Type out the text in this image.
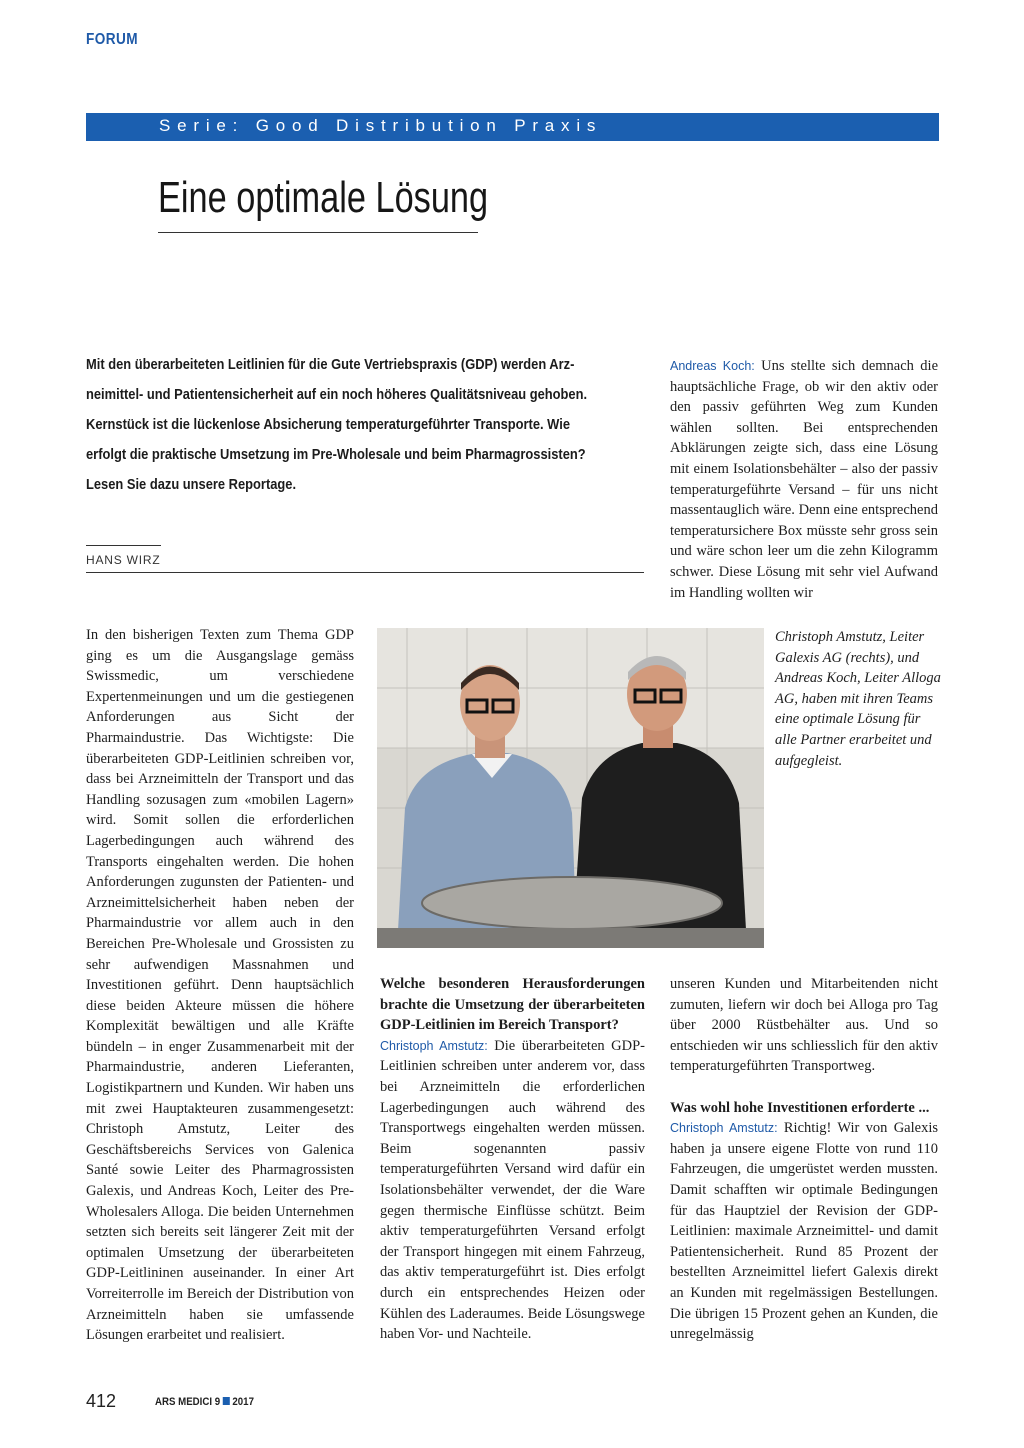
FORUM
Serie: Good Distribution Praxis
Eine optimale Lösung
Mit den überarbeiteten Leitlinien für die Gute Vertriebspraxis (GDP) werden Arz-
neimittel- und Patientensicherheit auf ein noch höheres Qualitätsniveau gehoben.
Kernstück ist die lückenlose Absicherung temperaturgeführter Transporte. Wie
erfolgt die praktische Umsetzung im Pre-Wholesale und beim Pharmagrossisten?
Lesen Sie dazu unsere Reportage.
HANS WIRZ
Andreas Koch: Uns stellte sich demnach die hauptsächliche Frage, ob wir den aktiv oder den passiv geführten Weg zum Kunden wählen sollten. Bei entsprechenden Abklärungen zeigte sich, dass eine Lösung mit einem Isolationsbehälter – also der passiv temperaturgeführte Versand – für uns nicht massentauglich wäre. Denn eine entsprechend temperatursichere Box müsste sehr gross sein und wäre schon leer um die zehn Kilogramm schwer. Diese Lösung mit sehr viel Aufwand im Handling wollten wir
In den bisherigen Texten zum Thema GDP ging es um die Ausgangslage gemäss Swissmedic, um verschiedene Expertenmeinungen und um die gestiegenen Anforderungen aus Sicht der Pharmaindustrie. Das Wichtigste: Die überarbeiteten GDP-Leitlinien schreiben vor, dass bei Arzneimitteln der Transport und das Handling sozusagen zum «mobilen Lagern» wird. Somit sollen die erforderlichen Lagerbedingungen auch während des Transports eingehalten werden. Die hohen Anforderungen zugunsten der Patienten- und Arzneimittelsicherheit haben neben der Pharmaindustrie vor allem auch in den Bereichen Pre-Wholesale und Grossisten zu sehr aufwendigen Massnahmen und Investitionen geführt. Denn hauptsächlich diese beiden Akteure müssen die höhere Komplexität bewältigen und alle Kräfte bündeln – in enger Zusammenarbeit mit der Pharmaindustrie, anderen Lieferanten, Logistikpartnern und Kunden. Wir haben uns mit zwei Hauptakteuren zusammengesetzt: Christoph Amstutz, Leiter des Geschäftsbereichs Services von Galenica Santé sowie Leiter des Pharmagrossisten Galexis, und Andreas Koch, Leiter des Pre-Wholesalers Alloga. Die beiden Unternehmen setzten sich bereits seit längerer Zeit mit der optimalen Umsetzung der überarbeiteten GDP-Leitlininen auseinander. In einer Art Vorreiterrolle im Bereich der Distribution von Arzneimitteln haben sie umfassende Lösungen erarbeitet und realisiert.
Christoph Amstutz, Leiter Galexis AG (rechts), und Andreas Koch, Leiter Alloga AG, haben mit ihren Teams eine optimale Lösung für alle Partner erarbeitet und aufgegleist.
Welche besonderen Herausforderungen brachte die Umsetzung der überarbeiteten GDP-Leitlinien im Bereich Transport?
Christoph Amstutz: Die überarbeiteten GDP-Leitlinien schreiben unter anderem vor, dass bei Arzneimitteln die erforderlichen Lagerbedingungen auch während des Transportwegs eingehalten werden müssen. Beim sogenannten passiv temperaturgeführten Versand wird dafür ein Isolationsbehälter verwendet, der die Ware gegen thermische Einflüsse schützt. Beim aktiv temperaturgeführten Versand erfolgt der Transport hingegen mit einem Fahrzeug, das aktiv temperaturgeführt ist. Dies erfolgt durch ein entsprechendes Heizen oder Kühlen des Laderaumes. Beide Lösungswege haben Vor- und Nachteile.
unseren Kunden und Mitarbeitenden nicht zumuten, liefern wir doch bei Alloga pro Tag über 2000 Rüstbehälter aus. Und so entschieden wir uns schliesslich für den aktiv temperaturgeführten Transportweg.
Was wohl hohe Investitionen erforderte ...
Christoph Amstutz: Richtig! Wir von Galexis haben ja unsere eigene Flotte von rund 110 Fahrzeugen, die umgerüstet werden mussten. Damit schafften wir optimale Bedingungen für das Hauptziel der Revision der GDP-Leitlinien: maximale Arzneimittel- und damit Patientensicherheit. Rund 85 Prozent der bestellten Arzneimittel liefert Galexis direkt an Kunden mit regelmässigen Bestellungen. Die übrigen 15 Prozent gehen an Kunden, die unregelmässig
412	ARS MEDICI 9 2017
